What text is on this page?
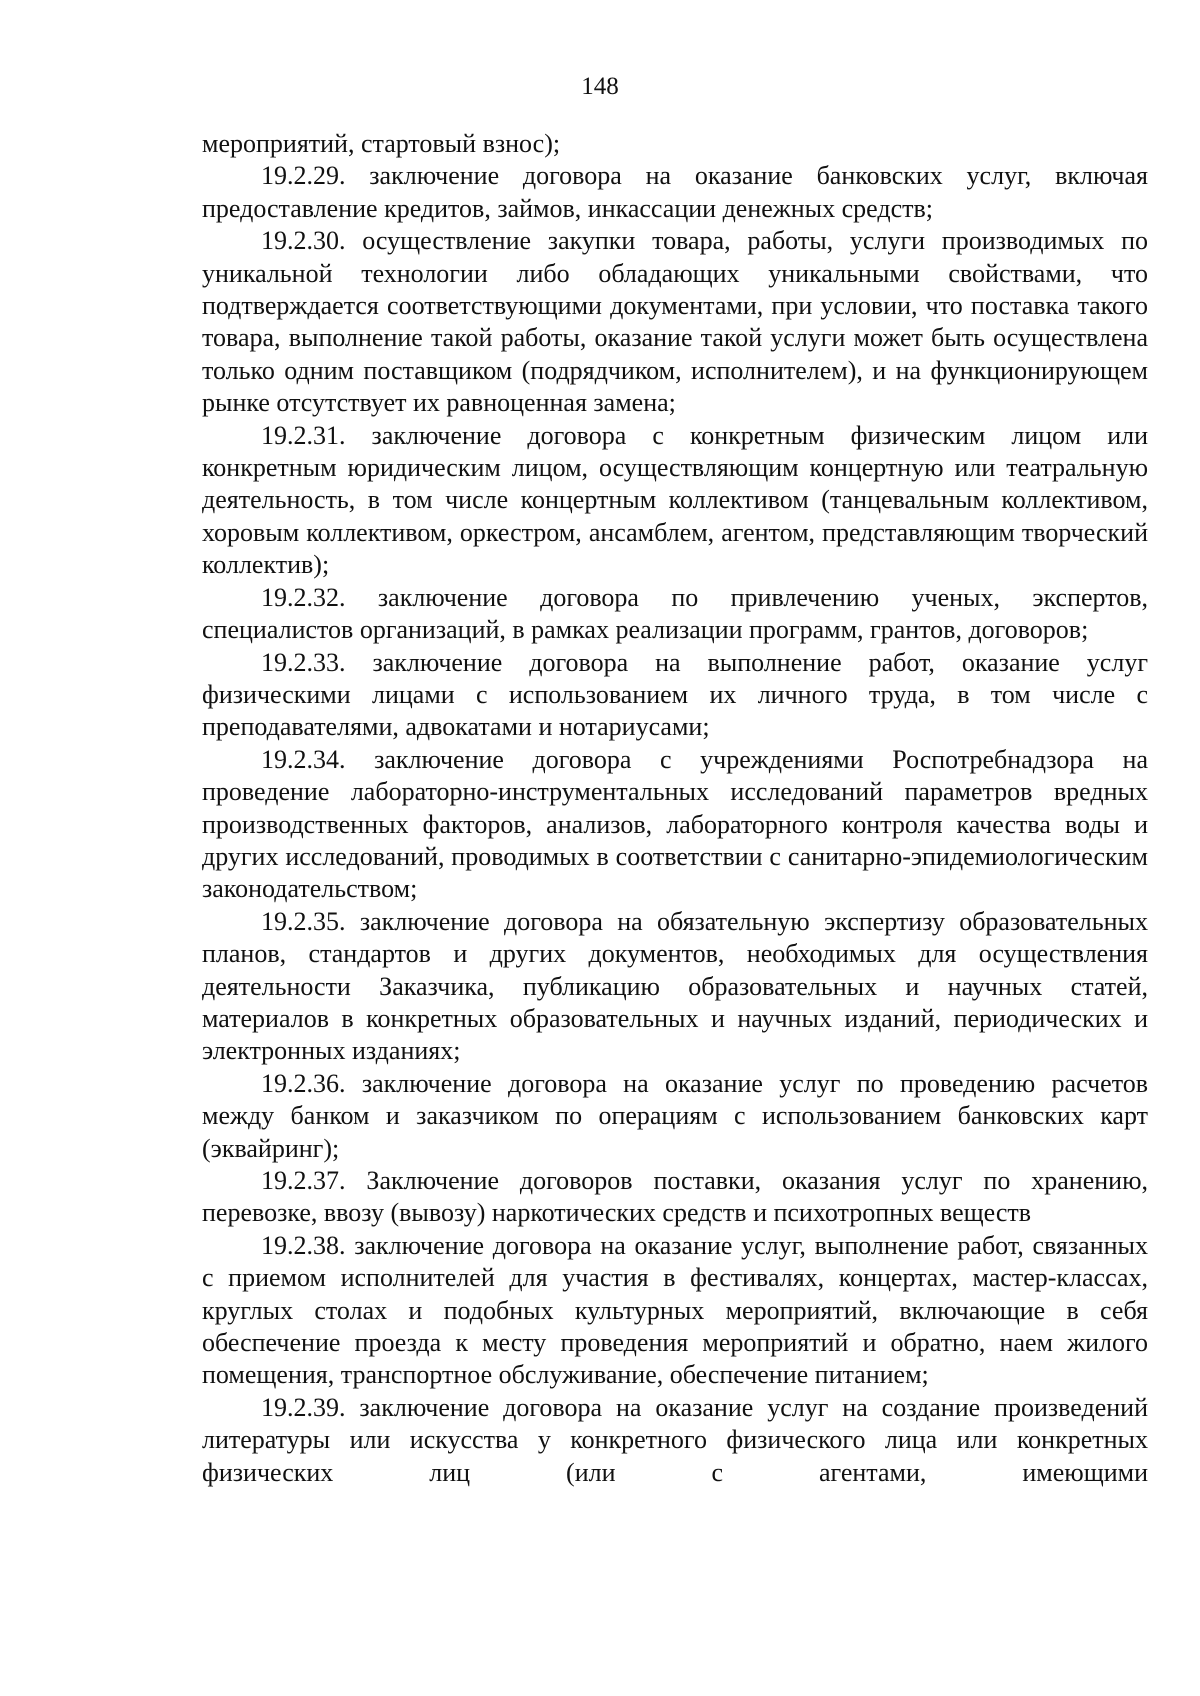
148

мероприятий, стартовый взнос);

19.2.29. заключение договора на оказание банковских услуг, включая предоставление кредитов, займов, инкассации денежных средств;

19.2.30. осуществление закупки товара, работы, услуги производимых по уникальной технологии либо обладающих уникальными свойствами, что подтверждается соответствующими документами, при условии, что поставка такого товара, выполнение такой работы, оказание такой услуги может быть осуществлена только одним поставщиком (подрядчиком, исполнителем), и на функционирующем рынке отсутствует их равноценная замена;

19.2.31. заключение договора с конкретным физическим лицом или конкретным юридическим лицом, осуществляющим концертную или театральную деятельность, в том числе концертным коллективом (танцевальным коллективом, хоровым коллективом, оркестром, ансамблем, агентом, представляющим творческий коллектив);

19.2.32. заключение договора по привлечению ученых, экспертов, специалистов организаций, в рамках реализации программ, грантов, договоров;

19.2.33. заключение договора на выполнение работ, оказание услуг физическими лицами с использованием их личного труда, в том числе с преподавателями, адвокатами и нотариусами;

19.2.34. заключение договора с учреждениями Роспотребнадзора на проведение лабораторно-инструментальных исследований параметров вредных производственных факторов, анализов, лабораторного контроля качества воды и других исследований, проводимых в соответствии с санитарно-эпидемиологическим законодательством;

19.2.35. заключение договора на обязательную экспертизу образовательных планов, стандартов и других документов, необходимых для осуществления деятельности Заказчика, публикацию образовательных и научных статей, материалов в конкретных образовательных и научных изданий, периодических и электронных изданиях;

19.2.36. заключение договора на оказание услуг по проведению расчетов между банком и заказчиком по операциям с использованием банковских карт (эквайринг);

19.2.37. Заключение договоров поставки, оказания услуг по хранению, перевозке, ввозу (вывозу) наркотических средств и психотропных веществ

19.2.38. заключение договора на оказание услуг, выполнение работ, связанных с приемом исполнителей для участия в фестивалях, концертах, мастер-классах, круглых столах и подобных культурных мероприятий, включающие в себя обеспечение проезда к месту проведения мероприятий и обратно, наем жилого помещения, транспортное обслуживание, обеспечение питанием;

19.2.39. заключение договора на оказание услуг на создание произведений литературы или искусства у конкретного физического лица или конкретных физических лиц (или с агентами, имеющими
